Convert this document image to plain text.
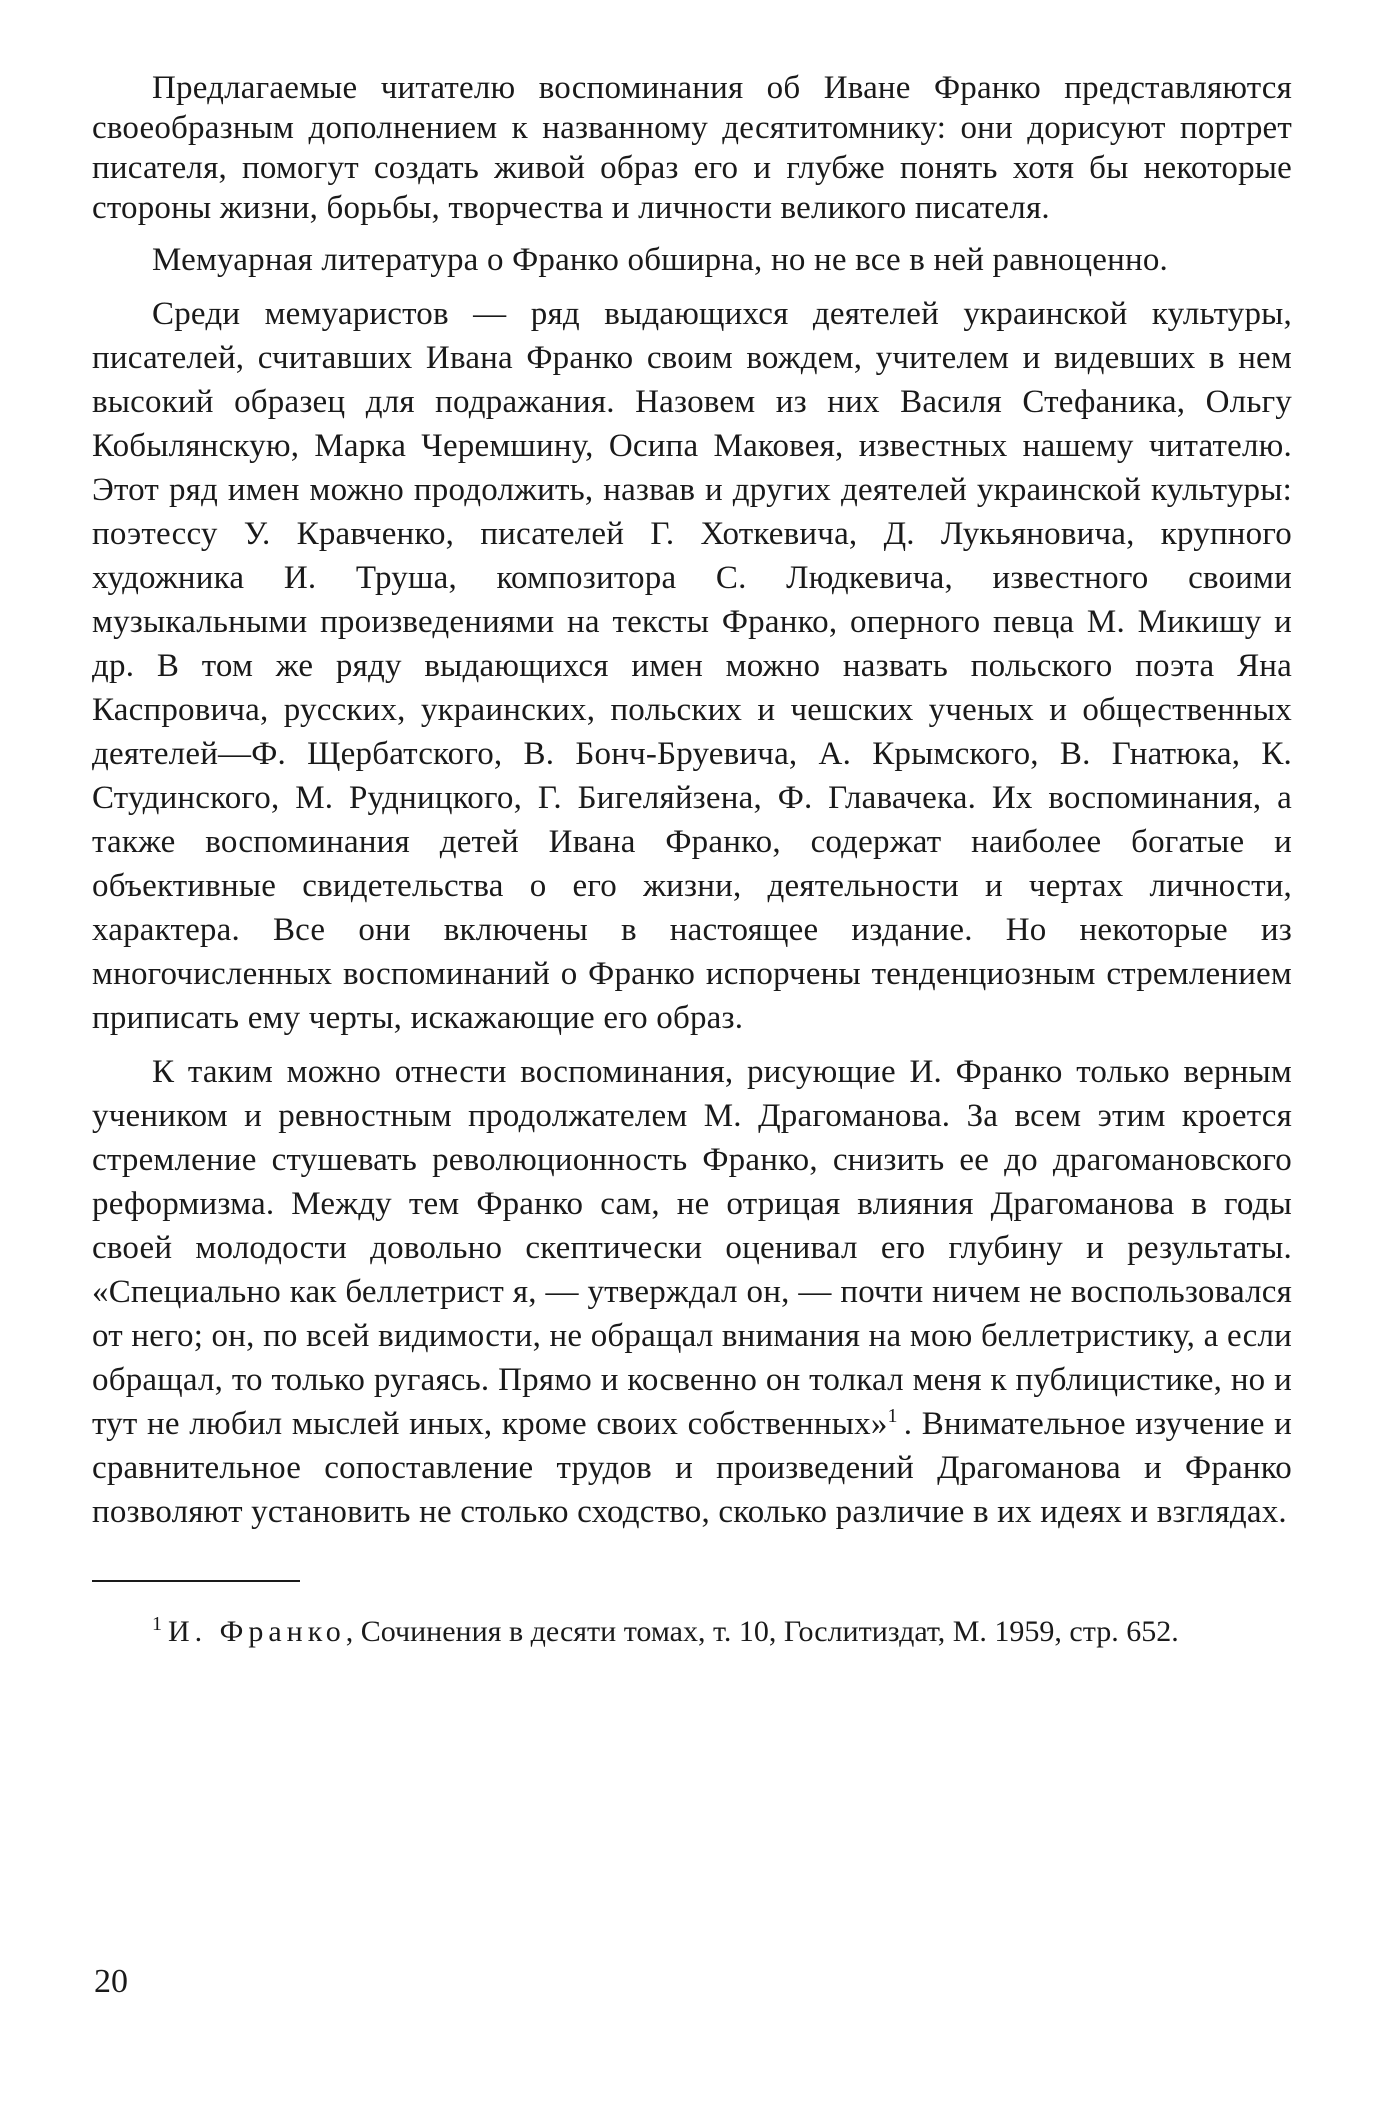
Предлагаемые читателю воспоминания об Иване Франко представляются своеобразным дополнением к названному десятитомнику: они дорисуют портрет писателя, помогут создать живой образ его и глубже понять хотя бы некоторые стороны жизни, борьбы, творчества и личности великого писателя.

Мемуарная литература о Франко обширна, но не все в ней равноценно.

Среди мемуаристов — ряд выдающихся деятелей украинской культуры, писателей, считавших Ивана Франко своим вождем, учителем и видевших в нем высокий образец для подражания. Назовем из них Василя Стефаника, Ольгу Кобылянскую, Марка Черемшину, Осипа Маковея, известных нашему читателю. Этот ряд имен можно продолжить, назвав и других деятелей украинской культуры: поэтессу У. Кравченко, писателей Г. Хоткевича, Д. Лукьяновича, крупного художника И. Труша, композитора С. Людкевича, известного своими музыкальными произведениями на тексты Франко, оперного певца М. Микишу и др. В том же ряду выдающихся имен можно назвать польского поэта Яна Каспровича, русских, украинских, польских и чешских ученых и общественных деятелей—Ф. Щербатского, В. Бонч-Бруевича, А. Крымского, В. Гнатюка, К. Студинского, М. Рудницкого, Г. Бигеляйзена, Ф. Главачека. Их воспоминания, а также воспоминания детей Ивана Франко, содержат наиболее богатые и объективные свидетельства о его жизни, деятельности и чертах личности, характера. Все они включены в настоящее издание. Но некоторые из многочисленных воспоминаний о Франко испорчены тенденциозным стремлением приписать ему черты, искажающие его образ.

К таким можно отнести воспоминания, рисующие И. Франко только верным учеником и ревностным продолжателем М. Драгоманова. За всем этим кроется стремление стушевать революционность Франко, снизить ее до драгомановского реформизма. Между тем Франко сам, не отрицая влияния Драгоманова в годы своей молодости довольно скептически оценивал его глубину и результаты. «Специально как беллетрист я, — утверждал он, — почти ничем не воспользовался от него; он, по всей видимости, не обращал внимания на мою беллетристику, а если обращал, то только ругаясь. Прямо и косвенно он толкал меня к публицистике, но и тут не любил мыслей иных, кроме своих собственных»$^1$ . Внимательное изучение и сравнительное сопоставление трудов и произведений Драгоманова и Франко позволяют установить не столько сходство, сколько различие в их идеях и взглядах.

$^1$ И. Франко, Сочинения в десяти томах, т. 10, Гослитиздат, М. 1959, стр. 652.

20
